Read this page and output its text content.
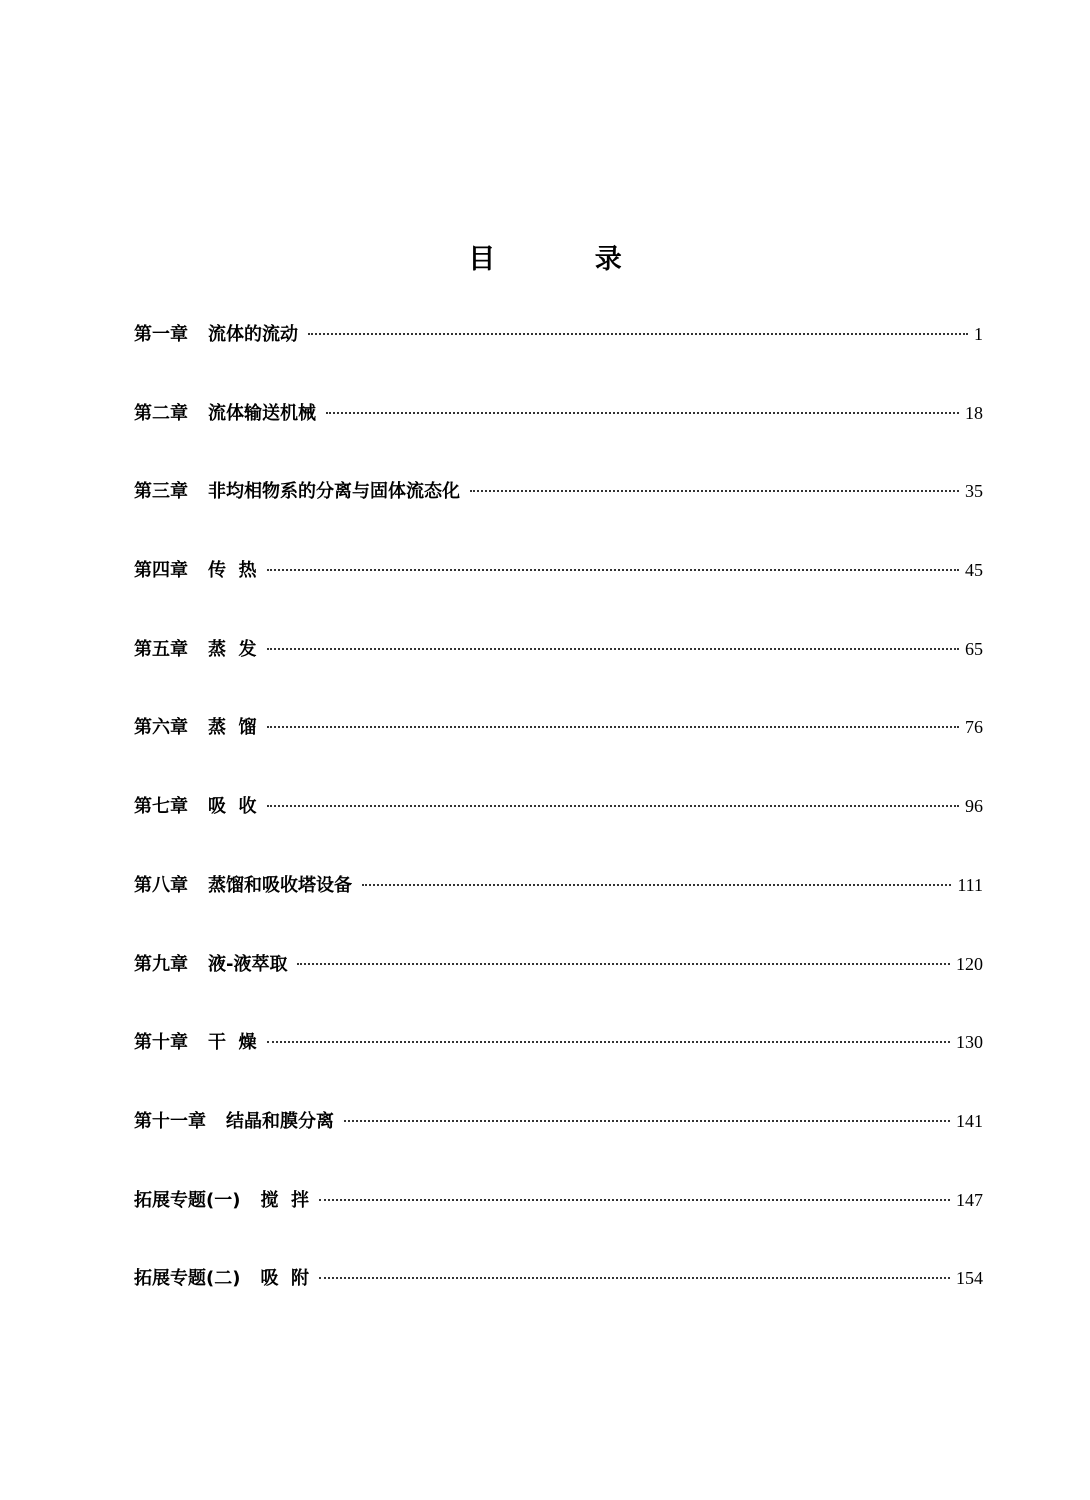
目 录
第一章 流体的流动	1
第二章 流体输送机械	18
第三章 非均相物系的分离与固体流态化	35
第四章 传  热	45
第五章 蒸  发	65
第六章 蒸  馏	76
第七章 吸  收	96
第八章 蒸馏和吸收塔设备	111
第九章 液-液萃取	120
第十章 干  燥	130
第十一章 结晶和膜分离	141
拓展专题(一) 搅  拌	147
拓展专题(二) 吸  附	154
